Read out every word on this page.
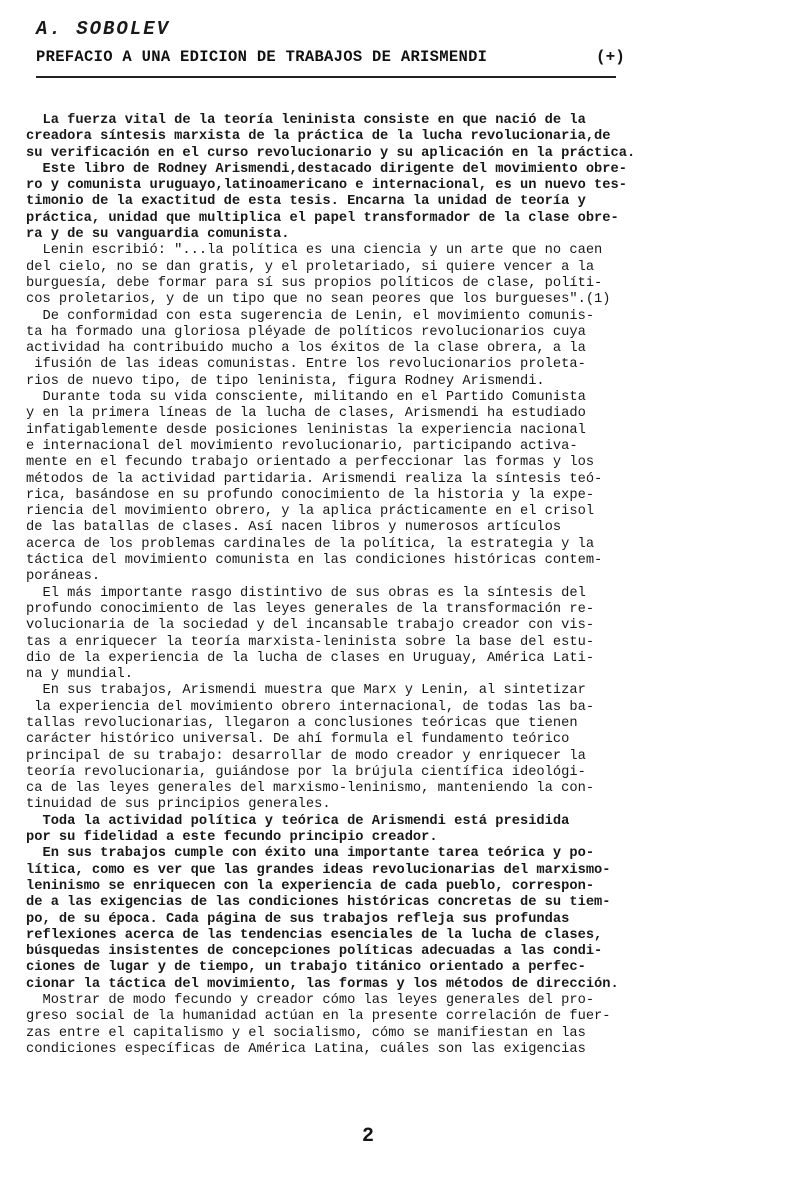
A. SOBOLEV
PREFACIO A UNA EDICION DE TRABAJOS DE ARISMENDI	(+)
La fuerza vital de la teoría leninista consiste en que nació de la
creadora síntesis marxista de la práctica de la lucha revolucionaria,de
su verificación en el curso revolucionario y su aplicación en la práctica.
Este libro de Rodney Arismendi,destacado dirigente del movimiento obre-
ro y comunista uruguayo,latinoamericano e internacional, es un nuevo tes-
timonio de la exactitud de esta tesis. Encarna la unidad de teoría y
práctica, unidad que multiplica el papel transformador de la clase obre-
ra y de su vanguardia comunista.
Lenin escribió: "...la política es una ciencia y un arte que no caen
del cielo, no se dan gratis, y el proletariado, si quiere vencer a la
burguesía, debe formar para sí sus propios políticos de clase, políti-
cos proletarios, y de un tipo que no sean peores que los burgueses".(1)
De conformidad con esta sugerencia de Lenin, el movimiento comunis-
ta ha formado una gloriosa pléyade de políticos revolucionarios cuya
actividad ha contribuido mucho a los éxitos de la clase obrera, a la
ifusión de las ideas comunistas. Entre los revolucionarios proleta-
rios de nuevo tipo, de tipo leninista, figura Rodney Arismendi.
Durante toda su vida consciente, militando en el Partido Comunista
y en la primera líneas de la lucha de clases, Arismendi ha estudiado
infatigablemente desde posiciones leninistas la experiencia nacional
e internacional del movimiento revolucionario, participando activa-
mente en el fecundo trabajo orientado a perfeccionar las formas y los
métodos de la actividad partidaria. Arismendi realiza la síntesis teó-
rica, basándose en su profundo conocimiento de la historia y la expe-
riencia del movimiento obrero, y la aplica prácticamente en el crisol
de las batallas de clases. Así nacen libros y numerosos artículos
acerca de los problemas cardinales de la política, la estrategia y la
táctica del movimiento comunista en las condiciones históricas contem-
poráneas.
El más importante rasgo distintivo de sus obras es la síntesis del
profundo conocimiento de las leyes generales de la transformación re-
volucionaria de la sociedad y del incansable trabajo creador con vis-
tas a enriquecer la teoría marxista-leninista sobre la base del estu-
dio de la experiencia de la lucha de clases en Uruguay, América Lati-
na y mundial.
En sus trabajos, Arismendi muestra que Marx y Lenin, al sintetizar
la experiencia del movimiento obrero internacional, de todas las ba-
tallas revolucionarias, llegaron a conclusiones teóricas que tienen
carácter histórico universal. De ahí formula el fundamento teórico
principal de su trabajo: desarrollar de modo creador y enriquecer la
teoría revolucionaria, guiándose por la brújula científica ideológi-
ca de las leyes generales del marxismo-leninismo, manteniendo la con-
tinuidad de sus principios generales.
Toda la actividad política y teórica de Arismendi está presidida
por su fidelidad a este fecundo principio creador.
En sus trabajos cumple con éxito una importante tarea teórica y po-
lítica, como es ver que las grandes ideas revolucionarias del marxismo-
leninismo se enriquecen con la experiencia de cada pueblo, correspon-
de a las exigencias de las condiciones históricas concretas de su tiem-
po, de su época. Cada página de sus trabajos refleja sus profundas
reflexiones acerca de las tendencias esenciales de la lucha de clases,
búsquedas insistentes de concepciones políticas adecuadas a las condi-
ciones de lugar y de tiempo, un trabajo titánico orientado a perfec-
cionar la táctica del movimiento, las formas y los métodos de dirección.
Mostrar de modo fecundo y creador cómo las leyes generales del pro-
greso social de la humanidad actúan en la presente correlación de fuer-
zas entre el capitalismo y el socialismo, cómo se manifiestan en las
condiciones específicas de América Latina, cuáles son las exigencias
2
